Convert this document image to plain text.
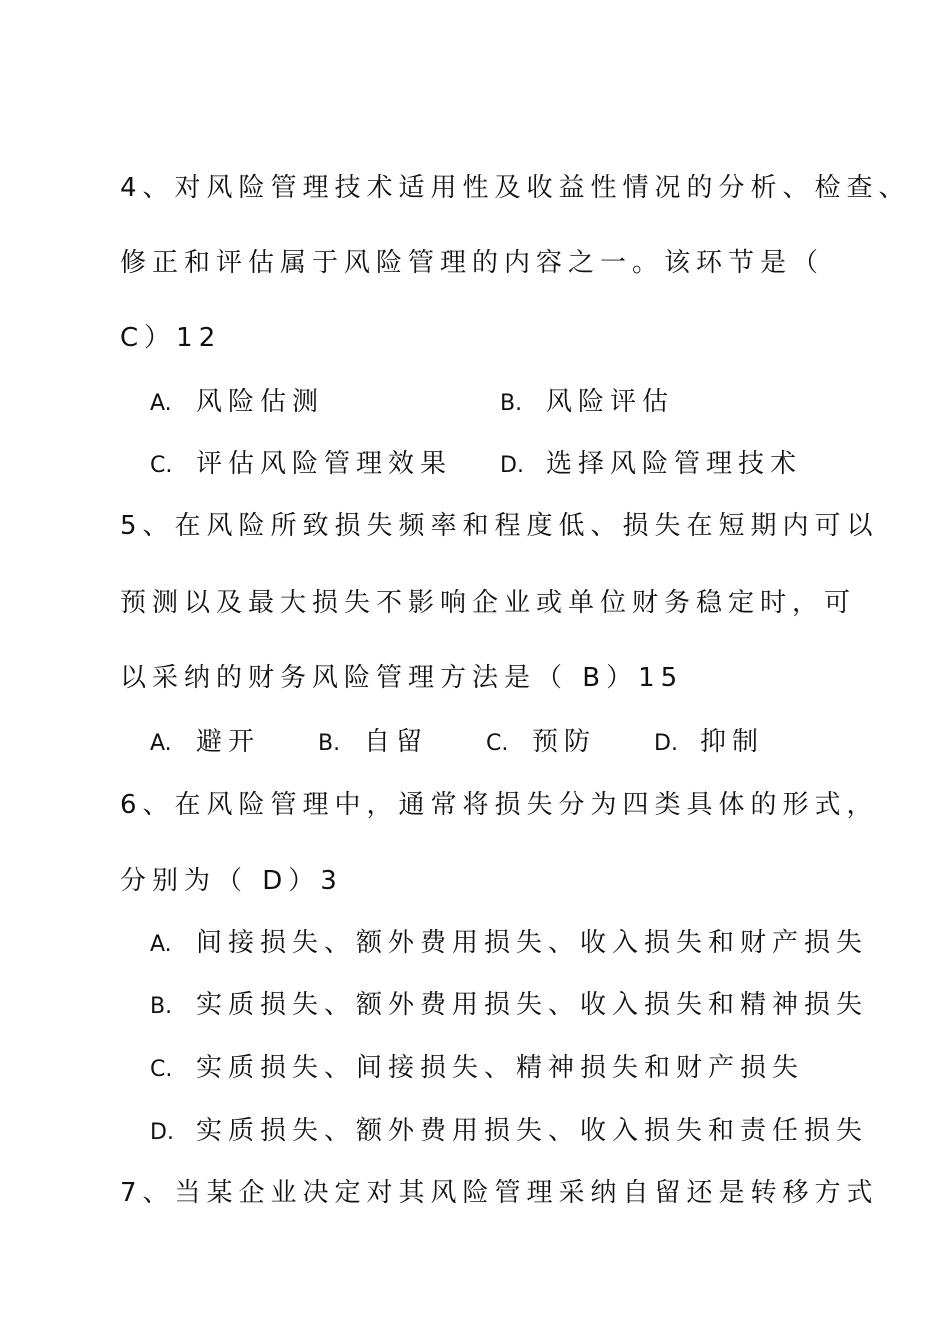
4、对风险管理技术适用性及收益性情况的分析、检查、
修正和评估属于风险管理的内容之一。该环节是（
C）12
A. 风险估测	B. 风险评估
C. 评估风险管理效果 D. 选择风险管理技术
5、在风险所致损失频率和程度低、损失在短期内可以
预测以及最大损失不影响企业或单位财务稳定时，可
以采纳的财务风险管理方法是（ B）15
A. 避开	B. 自留	C. 预防	D. 抑制
6、在风险管理中，通常将损失分为四类具体的形式，
分别为（ D）3
A. 间接损失、额外费用损失、收入损失和财产损失
B. 实质损失、额外费用损失、收入损失和精神损失
C. 实质损失、间接损失、精神损失和财产损失
D. 实质损失、额外费用损失、收入损失和责任损失
7、当某企业决定对其风险管理采纳自留还是转移方式
